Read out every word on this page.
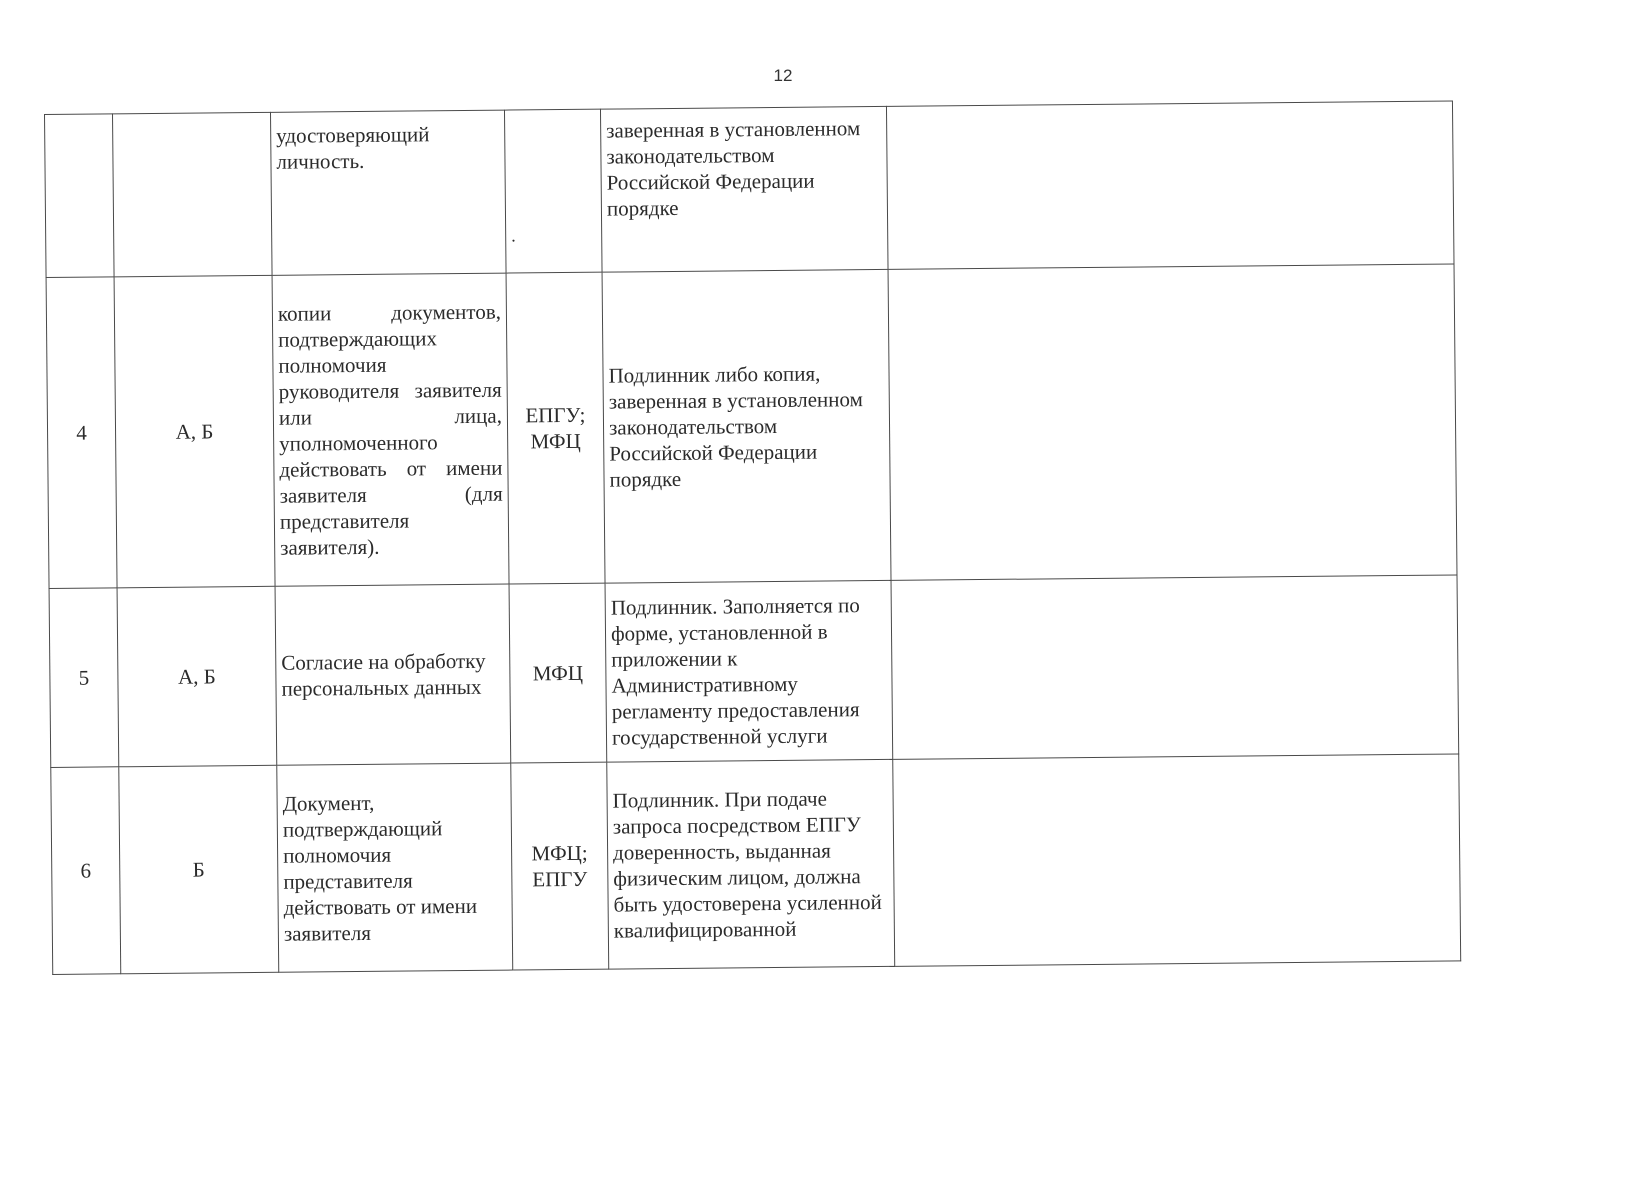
12
		удостоверяющий личность.	.	заверенная в установленном законодательством Российской Федерации порядке	
4	А, Б	копии документов, подтверждающих полномочия руководителя заявителя или лица, уполномоченного действовать от имени заявителя (для представителя заявителя).	ЕПГУ; МФЦ	Подлинник либо копия, заверенная в установленном законодательством Российской Федерации порядке	
5	А, Б	Согласие на обработку персональных данных	МФЦ	Подлинник. Заполняется по форме, установленной в приложении к Административному регламенту предоставления государственной услуги	
6	Б	Документ, подтверждающий полномочия представителя действовать от имени заявителя	МФЦ; ЕПГУ	Подлинник. При подаче запроса посредством ЕПГУ доверенность, выданная физическим лицом, должна быть удостоверена усиленной квалифицированной	
